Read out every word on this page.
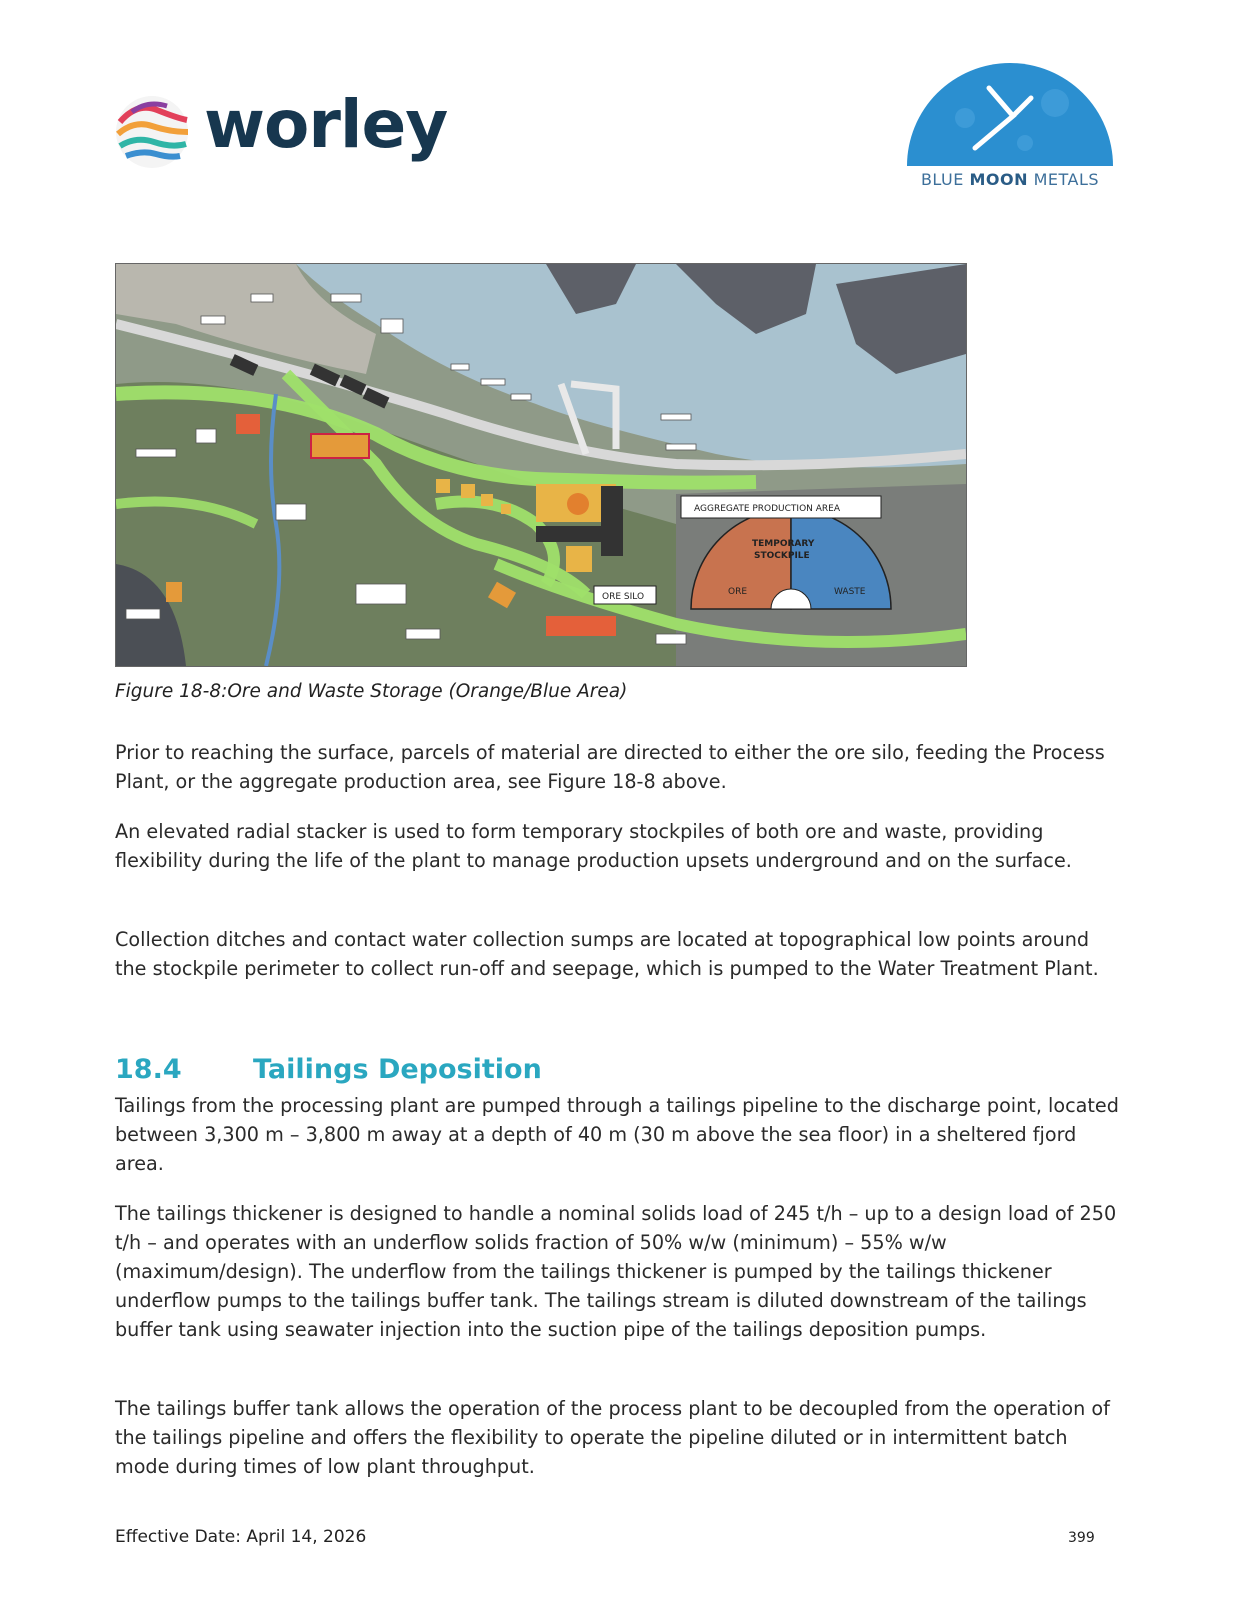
worley
BLUE MOON METALS
AGGREGATE PRODUCTION AREA
TEMPORARY
STOCKPILE
ORE	WASTE
ORE SILO
Figure 18-8:Ore and Waste Storage (Orange/Blue Area)

Prior to reaching the surface, parcels of material are directed to either the ore silo, feeding the Process Plant, or the aggregate production area, see Figure 18-8 above.

An elevated radial stacker is used to form temporary stockpiles of both ore and waste, providing flexibility during the life of the plant to manage production upsets underground and on the surface.

Collection ditches and contact water collection sumps are located at topographical low points around the stockpile perimeter to collect run-off and seepage, which is pumped to the Water Treatment Plant.

18.4	Tailings Deposition

Tailings from the processing plant are pumped through a tailings pipeline to the discharge point, located between 3,300 m – 3,800 m away at a depth of 40 m (30 m above the sea floor) in a sheltered fjord area.

The tailings thickener is designed to handle a nominal solids load of 245 t/h – up to a design load of 250 t/h – and operates with an underflow solids fraction of 50% w/w (minimum) – 55% w/w (maximum/design). The underflow from the tailings thickener is pumped by the tailings thickener underflow pumps to the tailings buffer tank. The tailings stream is diluted downstream of the tailings buffer tank using seawater injection into the suction pipe of the tailings deposition pumps.

The tailings buffer tank allows the operation of the process plant to be decoupled from the operation of the tailings pipeline and offers the flexibility to operate the pipeline diluted or in intermittent batch mode during times of low plant throughput.

Effective Date: April 14, 2026	399
